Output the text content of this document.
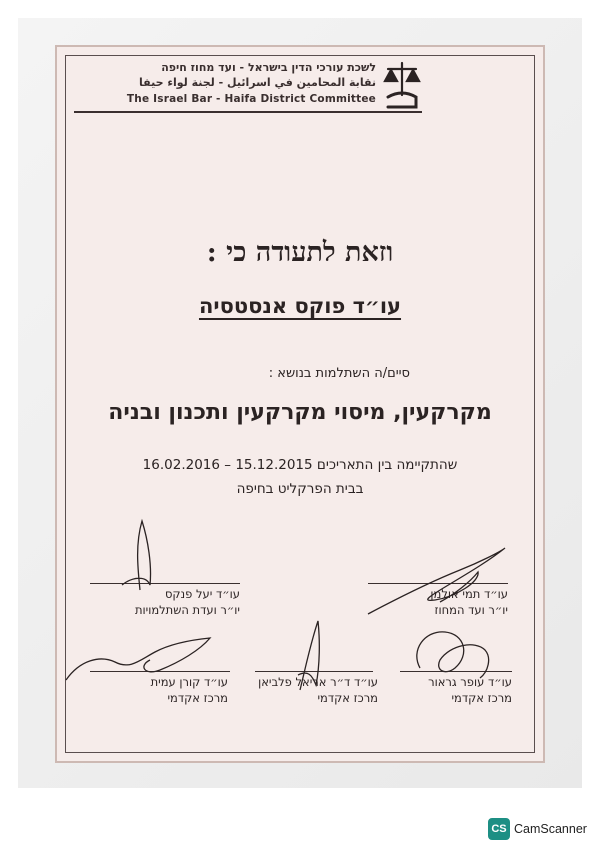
לשכת עורכי הדין בישראל - ועד מחוז חיפה
نقابة المحامين في اسرائيل - لجنة لواء حيفا
The Israel Bar - Haifa District Committee
וזאת לתעודה כי :
עו״ד פוקס אנסטסיה
סיים/ה השתלמות בנושא :
מקרקעין, מיסוי מקרקעין ותכנון ובניה
שהתקיימה בין התאריכים 15.12.2015 – 16.02.2016
בבית הפרקליט בחיפה
עו״ד תמי אולמן
יו״ר ועד המחוז
עו״ד יעל פנקס
יו״ר ועדת השתלמויות
עו״ד עופר גראור
מרכז אקדמי
עו״ד ד״ר אריאל פלביאן
מרכז אקדמי
עו״ד קורן עמית
מרכז אקדמי
CS CamScanner
